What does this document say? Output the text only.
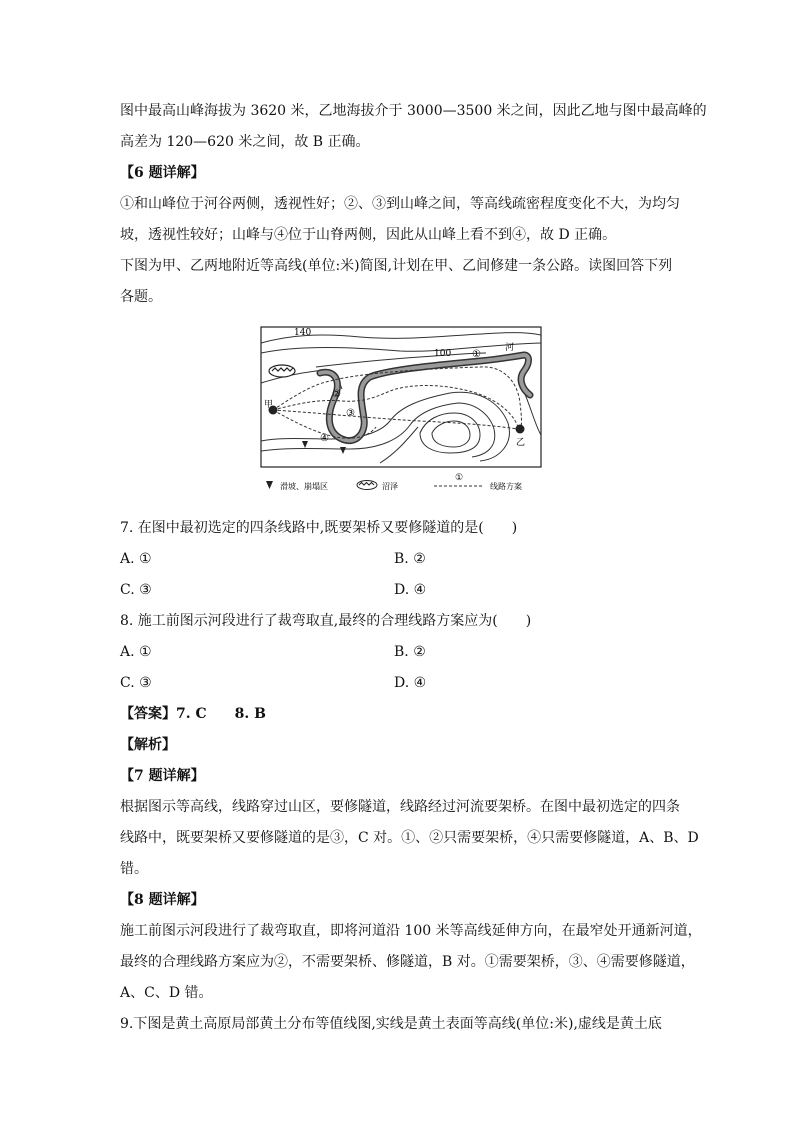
图中最高山峰海拔为 3620 米，乙地海拔介于 3000—3500 米之间，因此乙地与图中最高峰的

高差为 120—620 米之间，故 B 正确。

【6 题详解】

①和山峰位于河谷两侧，透视性好；②、③到山峰之间，等高线疏密程度变化不大，为均匀

坡，透视性较好；山峰与④位于山脊两侧，因此从山峰上看不到④，故 D 正确。

下图为甲、乙两地附近等高线(单位:米)简图,计划在甲、乙间修建一条公路。读图回答下列

各题。

140
100
河
甲
乙
①
②
③
④
滑坡、崩塌区	沼泽
①
线路方案

7. 在图中最初选定的四条线路中,既要架桥又要修隧道的是(　　)

A. ①	B. ②
C. ③	D. ④

8. 施工前图示河段进行了裁弯取直,最终的合理线路方案应为(　　)

A. ①	B. ②
C. ③	D. ④

【答案】7. C　　8. B

【解析】

【7 题详解】

根据图示等高线，线路穿过山区，要修隧道，线路经过河流要架桥。在图中最初选定的四条

线路中，既要架桥又要修隧道的是③，C 对。①、②只需要架桥，④只需要修隧道，A、B、D

错。

【8 题详解】

施工前图示河段进行了裁弯取直，即将河道沿 100 米等高线延伸方向，在最窄处开通新河道，

最终的合理线路方案应为②，不需要架桥、修隧道，B 对。①需要架桥，③、④需要修隧道，

A、C、D 错。

9.下图是黄土高原局部黄土分布等值线图,实线是黄土表面等高线(单位:米),虚线是黄土底
